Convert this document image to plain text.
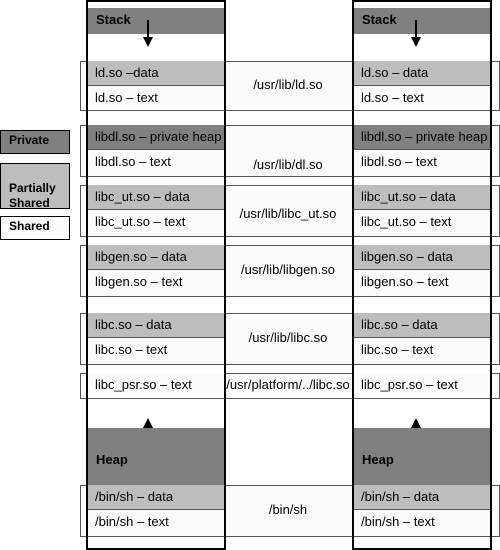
Private

Partially
Shared

Shared
/usr/lib/ld.so
/usr/lib/dl.so
/usr/lib/libc_ut.so
/usr/lib/libgen.so
/usr/lib/libc.so
/usr/platform/../libc.so
/bin/sh
Stack
ld.so –data
ld.so – text
libdl.so – private heap
libdl.so – text
libc_ut.so – data
libc_ut.so – text
libgen.so – data
libgen.so – text
libc.so – data
libc.so – text
libc_psr.so – text
Heap
/bin/sh – data
/bin/sh – text
Stack
ld.so – data
ld.so – text
libdl.so – private heap
libdl.so – text
libc_ut.so – data
libc_ut.so – text
libgen.so – data
libgen.so – text
libc.so – data
libc.so – text
libc_psr.so – text
Heap
/bin/sh – data
/bin/sh – text
